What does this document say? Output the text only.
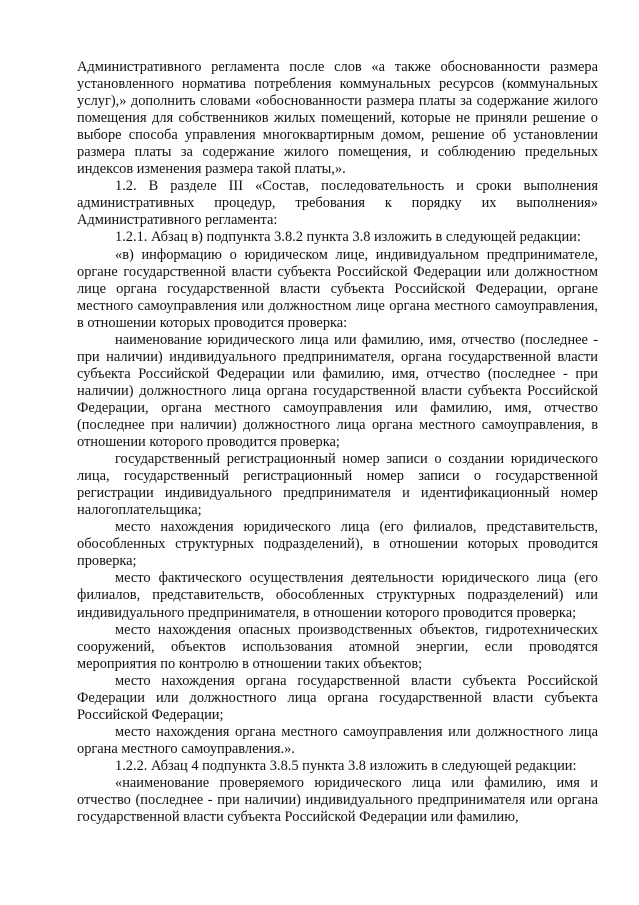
Административного регламента после слов «а также обоснованности размера установленного норматива потребления коммунальных ресурсов (коммунальных услуг),» дополнить словами «обоснованности размера платы за содержание жилого помещения для собственников жилых помещений, которые не приняли решение о выборе способа управления многоквартирным домом, решение об установлении размера платы за содержание жилого помещения, и соблюдению предельных индексов изменения размера такой платы,».

1.2. В разделе III «Состав, последовательность и сроки выполнения административных процедур, требования к порядку их выполнения» Административного регламента:

1.2.1. Абзац в) подпункта 3.8.2 пункта 3.8 изложить в следующей редакции:

«в) информацию о юридическом лице, индивидуальном предпринимателе, органе государственной власти субъекта Российской Федерации или должностном лице органа государственной власти субъекта Российской Федерации, органе местного самоуправления или должностном лице органа местного самоуправления, в отношении которых проводится проверка:

наименование юридического лица или фамилию, имя, отчество (последнее - при наличии) индивидуального предпринимателя, органа государственной власти субъекта Российской Федерации или фамилию, имя, отчество (последнее - при наличии) должностного лица органа государственной власти субъекта Российской Федерации, органа местного самоуправления или фамилию, имя, отчество (последнее при наличии) должностного лица органа местного самоуправления, в отношении которого проводится проверка;

государственный регистрационный номер записи о создании юридического лица, государственный регистрационный номер записи о государственной регистрации индивидуального предпринимателя и идентификационный номер налогоплательщика;

место нахождения юридического лица (его филиалов, представительств, обособленных структурных подразделений), в отношении которых проводится проверка;

место фактического осуществления деятельности юридического лица (его филиалов, представительств, обособленных структурных подразделений) или индивидуального предпринимателя, в отношении которого проводится проверка;

место нахождения опасных производственных объектов, гидротехнических сооружений, объектов использования атомной энергии, если проводятся мероприятия по контролю в отношении таких объектов;

место нахождения органа государственной власти субъекта Российской Федерации или должностного лица органа государственной власти субъекта Российской Федерации;

место нахождения органа местного самоуправления или должностного лица органа местного самоуправления.».

1.2.2. Абзац 4 подпункта 3.8.5 пункта 3.8 изложить в следующей редакции:

«наименование проверяемого юридического лица или фамилию, имя и отчество (последнее - при наличии) индивидуального предпринимателя или органа государственной власти субъекта Российской Федерации или фамилию,
